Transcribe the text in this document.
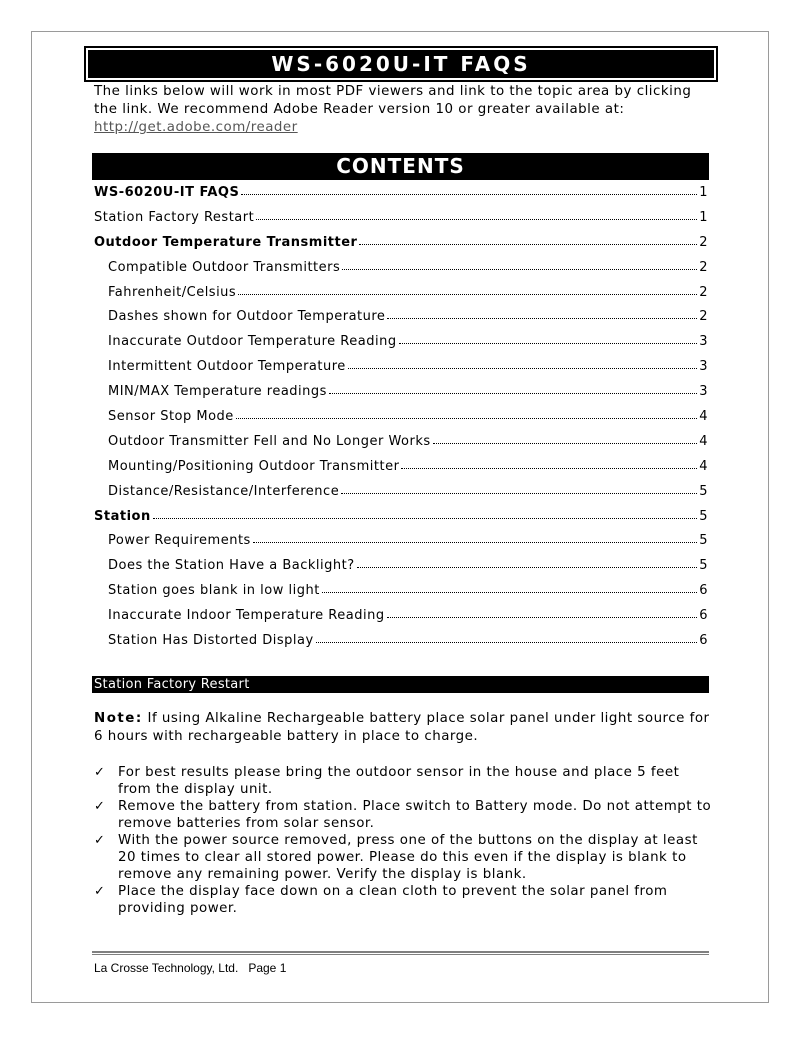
WS-6020U-IT FAQS
The links below will work in most PDF viewers and link to the topic area by clicking the link. We recommend Adobe Reader version 10 or greater available at:
http://get.adobe.com/reader
CONTENTS
WS-6020U-IT FAQS	1
Station Factory Restart	1
Outdoor Temperature Transmitter	2
Compatible Outdoor Transmitters	2
Fahrenheit/Celsius	2
Dashes shown for Outdoor Temperature	2
Inaccurate Outdoor Temperature Reading	3
Intermittent Outdoor Temperature	3
MIN/MAX Temperature readings	3
Sensor Stop Mode	4
Outdoor Transmitter Fell and No Longer Works	4
Mounting/Positioning Outdoor Transmitter	4
Distance/Resistance/Interference	5
Station	5
Power Requirements	5
Does the Station Have a Backlight?	5
Station goes blank in low light	6
Inaccurate Indoor Temperature Reading	6
Station Has Distorted Display	6
Station Factory Restart
Note: If using Alkaline Rechargeable battery place solar panel under light source for 6 hours with rechargeable battery in place to charge.
✓ For best results please bring the outdoor sensor in the house and place 5 feet from the display unit.
✓ Remove the battery from station. Place switch to Battery mode. Do not attempt to remove batteries from solar sensor.
✓ With the power source removed, press one of the buttons on the display at least 20 times to clear all stored power. Please do this even if the display is blank to remove any remaining power. Verify the display is blank.
✓ Place the display face down on a clean cloth to prevent the solar panel from providing power.
La Crosse Technology, Ltd. Page 1
